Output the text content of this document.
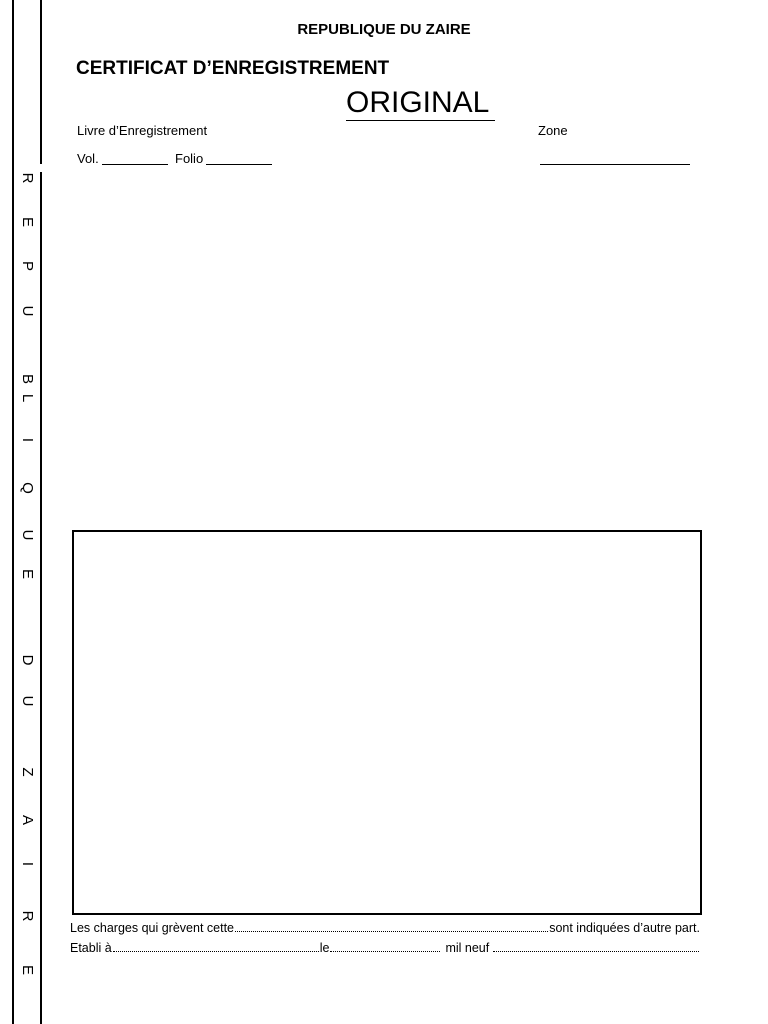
R
E
P
U
B
L
I
Q
U
E
D
U
Z
A
I
R
E
REPUBLIQUE DU ZAIRE
CERTIFICAT D’ENREGISTREMENT
ORIGINAL
Livre d’Enregistrement	Zone
Vol.	Folio
Les charges qui grèvent cette	sont indiquées d’autre part.
Etabli à	le	mil neuf
